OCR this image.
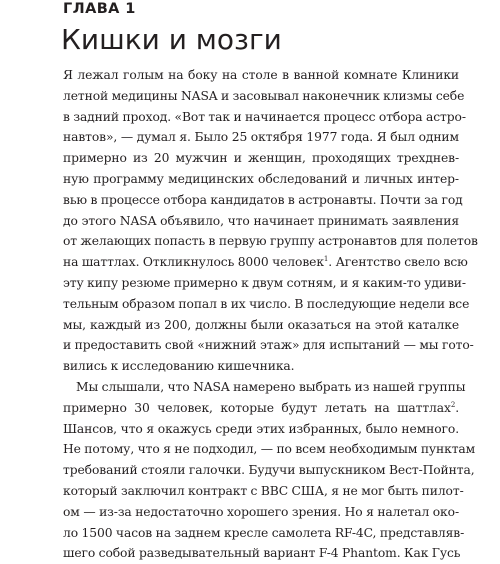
ГЛАВА 1
Кишки и мозги

Я лежал голым на боку на столе в ванной комнате Клиники
летной медицины NASA и засовывал наконечник клизмы себе
в задний проход. «Вот так и начинается процесс отбора астро-
навтов», — думал я. Было 25 октября 1977 года. Я был одним
примерно из 20 мужчин и женщин, проходящих трехднев-
ную программу медицинских обследований и личных интер-
вью в процессе отбора кандидатов в астронавты. Почти за год
до этого NASA объявило, что начинает принимать заявления
от желающих попасть в первую группу астронавтов для полетов
на шаттлах. Откликнулось 8000 человек$^1$. Агентство свело всю
эту кипу резюме примерно к двум сотням, и я каким-то удиви-
тельным образом попал в их число. В последующие недели все
мы, каждый из 200, должны были оказаться на этой каталке
и предоставить свой «нижний этаж» для испытаний — мы гото-
вились к исследованию кишечника.

Мы слышали, что NASA намерено выбрать из нашей группы
примерно 30 человек, которые будут летать на шаттлах$^2$.
Шансов, что я окажусь среди этих избранных, было немного.
Не потому, что я не подходил, — по всем необходимым пунктам
требований стояли галочки. Будучи выпускником Вест-Пойнта,
который заключил контракт с ВВС США, я не мог быть пилот-
ом — из-за недостаточно хорошего зрения. Но я налетал око-
ло 1500 часов на заднем кресле самолета RF-4C, представляв-
шего собой разведывательный вариант F-4 Phantom. Как Гусь
